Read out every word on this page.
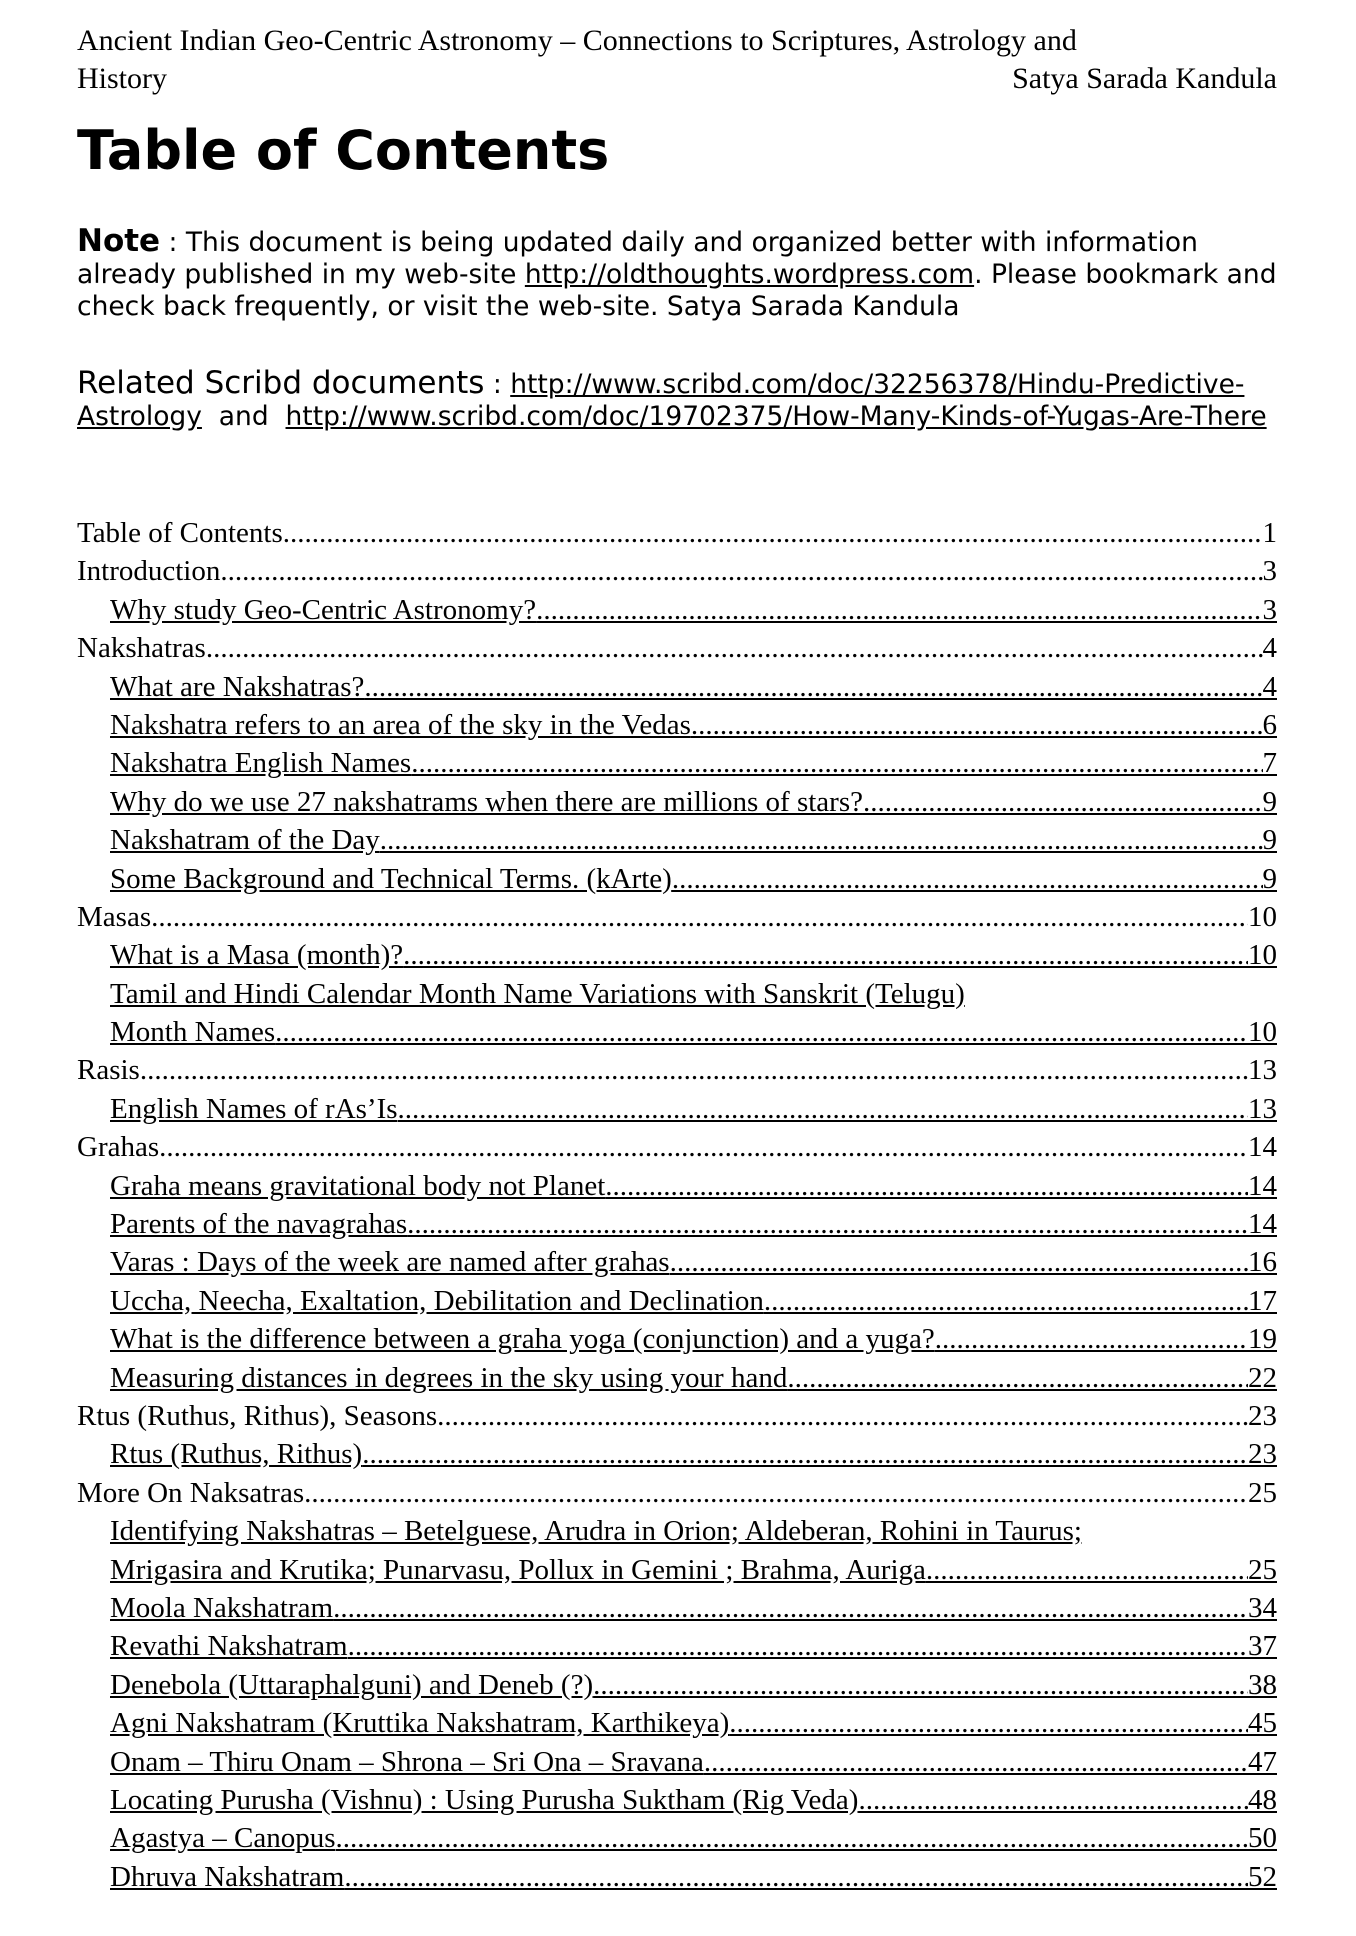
Ancient Indian Geo-Centric Astronomy – Connections to Scriptures, Astrology and
History	Satya Sarada Kandula
Table of Contents
Note : This document is being updated daily and organized better with information already published in my web-site http://oldthoughts.wordpress.com. Please bookmark and check back frequently, or visit the web-site. Satya Sarada Kandula
Related Scribd documents : http://www.scribd.com/doc/32256378/Hindu-Predictive-Astrology and http://www.scribd.com/doc/19702375/How-Many-Kinds-of-Yugas-Are-There
Table of Contents .....	1
Introduction .....	3
Why study Geo-Centric Astronomy? .....	3
Nakshatras .....	4
What are Nakshatras? .....	4
Nakshatra refers to an area of the sky in the Vedas .....	6
Nakshatra English Names .....	7
Why do we use 27 nakshatrams when there are millions of stars? .....	9
Nakshatram of the Day .....	9
Some Background and Technical Terms. (kArte) .....	9
Masas .....	10
What is a Masa (month)? .....	10
Tamil and Hindi Calendar Month Name Variations with Sanskrit (Telugu)
Month Names .....	10
Rasis .....	13
English Names of rAs’Is .....	13
Grahas .....	14
Graha means gravitational body not Planet .....	14
Parents of the navagrahas .....	14
Varas : Days of the week are named after grahas .....	16
Uccha, Neecha, Exaltation, Debilitation and Declination .....	17
What is the difference between a graha yoga (conjunction) and a yuga? .....	19
Measuring distances in degrees in the sky using your hand .....	22
Rtus (Ruthus, Rithus), Seasons .....	23
Rtus (Ruthus, Rithus) .....	23
More On Naksatras .....	25
Identifying Nakshatras – Betelguese, Arudra in Orion; Aldeberan, Rohini in Taurus;
Mrigasira and Krutika; Punarvasu, Pollux in Gemini ; Brahma, Auriga .....	25
Moola Nakshatram .....	34
Revathi Nakshatram .....	37
Denebola (Uttaraphalguni) and Deneb (?) .....	38
Agni Nakshatram (Kruttika Nakshatram, Karthikeya) .....	45
Onam – Thiru Onam – Shrona – Sri Ona – Sravana .....	47
Locating Purusha (Vishnu) : Using Purusha Suktham (Rig Veda) .....	48
Agastya – Canopus .....	50
Dhruva Nakshatram .....	52
